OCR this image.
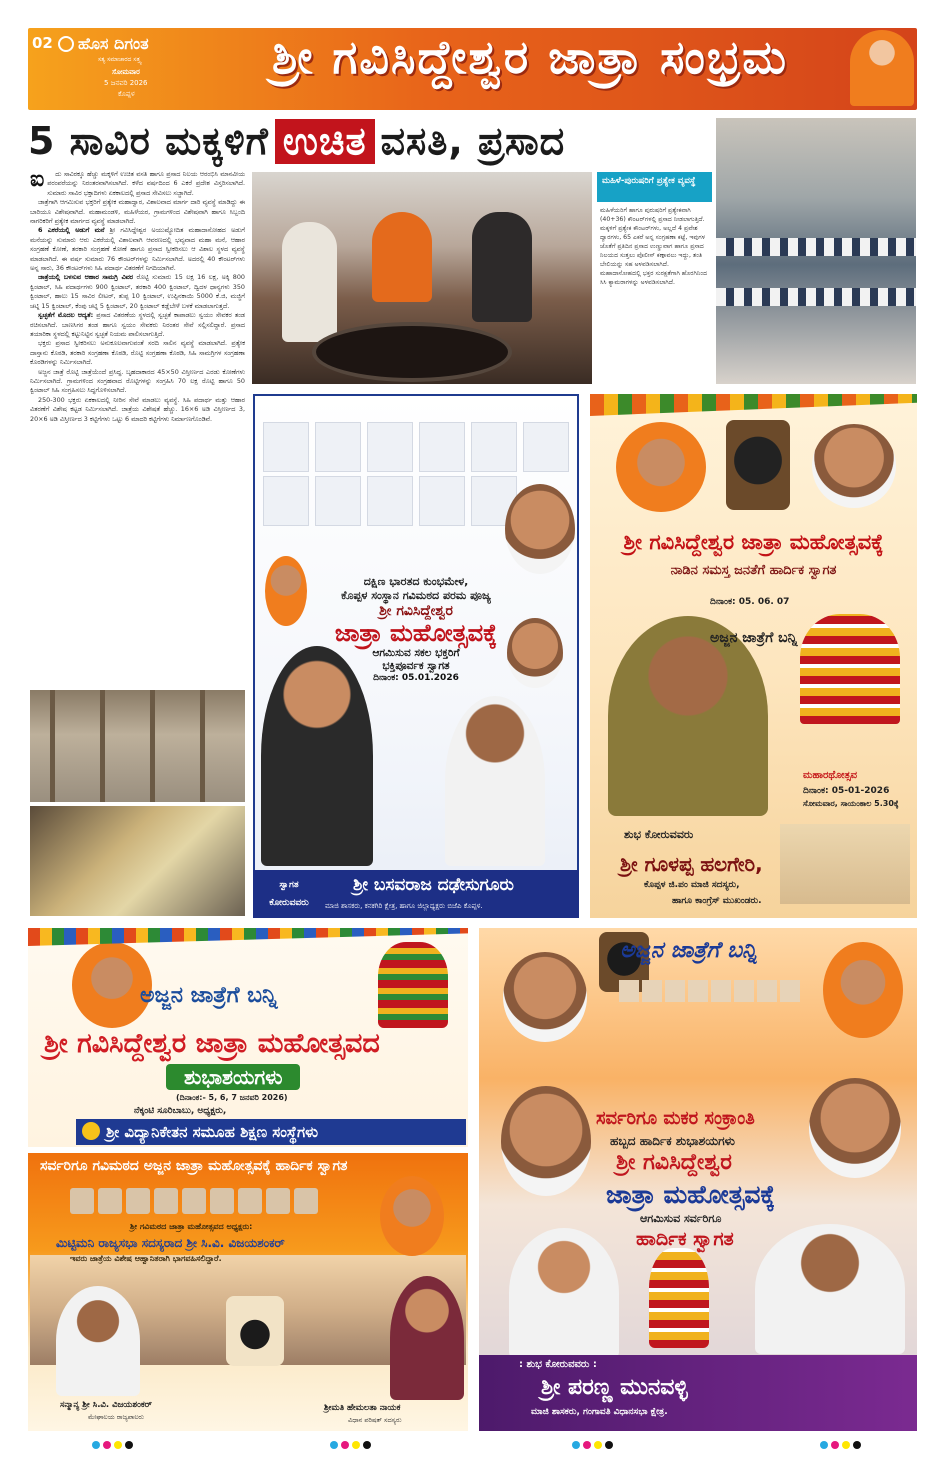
02 ಹೊಸ ದಿಗಂತ
ಸತ್ಯ ಸಮಾಚಾರದ ಸತ್ತ್ವ
ಸೋಮವಾರ
5 ಜನವರಿ 2026
ಕೊಪ್ಪಳ
ಶ್ರೀ ಗವಿಸಿದ್ದೇಶ್ವರ ಜಾತ್ರಾ ಸಂಭ್ರಮ
5 ಸಾವಿರ ಮಕ್ಕಳಿಗೆ ಉಚಿತ ವಸತಿ, ಪ್ರಸಾದ
ಐ	ದು ಸಾವಿರಕ್ಕೂ ಹೆಚ್ಚು ಮಕ್ಕಳಿಗೆ ಉಚಿತ ವಸತಿ ಹಾಗೂ ಪ್ರಸಾದ ನಿಲಯ ಆರಂಭಿಸಿ ಮಾನವೀಯ ಪರಂಪರೆಯನ್ನು ನಿರಂತರವಾಗಿಸಲಾಗಿದೆ. ಕಳೆದ ವರ್ಷದಿಂದ 6 ಎಕರೆ ಪ್ರದೇಶ ವಿಸ್ತರಿಸಲಾಗಿದೆ. ಸುಮಾರು ಸಾವಿರ ಭಕ್ತಾದಿಗಳು ಏಕಕಾಲದಲ್ಲಿ ಪ್ರಸಾದ ಸೇವಿಸಲು ಸಜ್ಜಾಗಿದೆ.

ಜಾತ್ರೆಗಾಗಿ ಆಗಮಿಸುವ ಭಕ್ತರಿಗೆ ಪ್ರತ್ಯೇಕ ಮಹಾದ್ವಾರ, ವಿಶಾಲವಾದ ಮಾರ್ಗ ದಾರಿ ವ್ಯವಸ್ಥೆ ಮಾಡಿದ್ದು ಈ ಬಾರಿಯೂ ವಿಶೇಷವಾಗಿದೆ. ಮಹಾಮಂಡಳಿ, ಮಹಿಳೆಯರ, ಗ್ರಾಮಗಳಿಂದ ವಿಶೇಷವಾಗಿ ಹಾಗೂ ಸಿಬ್ಬಂದಿ ನಾಗರಿಕರಿಗೆ ಪ್ರತ್ಯೇಕ ಮಾರ್ಗದ ವ್ಯವಸ್ಥೆ ಮಾಡಲಾಗಿದೆ.

6 ಎಕರೆಯಲ್ಲಿ ಅಡುಗೆ ಮನೆ ಶ್ರೀ ಗವಿಸಿದ್ದೇಶ್ವರ ಅಯುಷ್ಯೋದಿತ ಮಹಾದಾಸೋಹದ ಅಡುಗೆ ಮನೆಯನ್ನು ಸುಮಾರು ಆರು ಎಕರೆಯಲ್ಲಿ ವಿಶಾಲವಾಗಿ ಆವರಣದಲ್ಲಿ ಭವ್ಯವಾದ ಮಹಾ ಮನೆ, ಆಹಾರ ಸಂಗ್ರಹಣೆ ಕೋಣೆ, ತರಕಾರಿ ಸಂಗ್ರಹಣೆ ಕೋಣೆ ಹಾಗೂ ಪ್ರಸಾದ ಸ್ವೀಕರಿಸಲು ಆ ವಿಶಾಲ ಸ್ಥಳದ ವ್ಯವಸ್ಥೆ ಮಾಡಲಾಗಿದೆ. ಈ ವರ್ಷ ಸುಮಾರು 76 ಕೌಂಟರ್‌ಗಳನ್ನು ನಿರ್ಮಿಸಲಾಗಿದೆ. ಅದರಲ್ಲಿ 40 ಕೌಂಟರ್‌ಗಳು ಅನ್ನ ಸಾರು, 36 ಕೌಂಟರ್‌ಗಳು ಸಿಹಿ ಪದಾರ್ಥ ವಿತರಣೆಗೆ ನಿಗದಿಯಾಗಿವೆ.

ಜಾತ್ರೆಯಲ್ಲಿ ಬಳಸುವ ಆಹಾರ ಸಾಮಗ್ರಿ ವಿವರ ರೊಟ್ಟಿ ಸುಮಾರು 15 ಲಕ್ಷ 16 ಲಕ್ಷ, ಅಕ್ಕಿ 800 ಕ್ವಿಂಟಾಲ್, ಸಿಹಿ ಪದಾರ್ಥಗಳು 900 ಕ್ವಿಂಟಾಲ್, ತರಕಾರಿ 400 ಕ್ವಿಂಟಾಲ್, ದ್ವಿದಳ ಧಾನ್ಯಗಳು 350 ಕ್ವಿಂಟಾಲ್, ಹಾಲು 15 ಸಾವಿರ ಲೀಟರ್, ತುಪ್ಪ 10 ಕ್ವಿಂಟಾಲ್, ಉಪ್ಪಿನಕಾಯಿ 5000 ಕೆ.ಜಿ, ಮಜ್ಜಿಗೆ ಚಟ್ನಿ 15 ಕ್ವಿಂಟಾಲ್, ಕೆಂಪು ಚಟ್ನಿ 5 ಕ್ವಿಂಟಾಲ್, 20 ಕ್ವಿಂಟಾಲ್ ಕಡ್ಲೆಬೇಳೆ ಬಳಕೆ ಮಾಡಲಾಗುತ್ತದೆ.

ಸ್ವಚ್ಛತೆಗೆ ಮೊದಲ ಆದ್ಯತೆ: ಪ್ರಸಾದ ವಿತರಣೆಯ ಸ್ಥಳದಲ್ಲಿ ಸ್ವಚ್ಛತೆ ಕಾಪಾಡಲು ಸ್ವಯಂ ಸೇವಕರ ತಂಡ ರಚಿಸಲಾಗಿದೆ. ಬಾಣಸಿಗರ ತಂಡ ಹಾಗೂ ಸ್ವಯಂ ಸೇವಕರು ನಿರಂತರ ಸೇವೆ ಸಲ್ಲಿಸಲಿದ್ದಾರೆ. ಪ್ರಸಾದ ತಯಾರಿಕಾ ಸ್ಥಳದಲ್ಲಿ ಕಟ್ಟುನಿಟ್ಟಿನ ಸ್ವಚ್ಛತೆ ನಿಯಮ ಪಾಲಿಸಲಾಗುತ್ತಿದೆ.

ಭಕ್ತರು ಪ್ರಸಾದ ಸ್ವೀಕರಿಸಲು ಅನುಕೂಲವಾಗುವಂತೆ ಸರದಿ ಸಾಲಿನ ವ್ಯವಸ್ಥೆ ಮಾಡಲಾಗಿದೆ. ಪ್ರತ್ಯೇಕ ದಾಸ್ತಾನು ಕೊಠಡಿ, ತರಕಾರಿ ಸಂಗ್ರಹಣಾ ಕೊಠಡಿ, ರೊಟ್ಟಿ ಸಂಗ್ರಹಣಾ ಕೊಠಡಿ, ಸಿಹಿ ಸಾಮಗ್ರಿಗಳ ಸಂಗ್ರಹಣಾ ಕೊಠಡಿಗಳನ್ನು ನಿರ್ಮಿಸಲಾಗಿದೆ.

ಅಜ್ಜನ ಜಾತ್ರೆ ರೊಟ್ಟಿ ಜಾತ್ರೆಯೆಂದೆ ಪ್ರಸಿದ್ಧ. ಬೃಹದಾಕಾರದ 45×50 ವಿಸ್ತೀರ್ಣದ ಎರಡು ಕೋಣೆಗಳು ನಿರ್ಮಿಸಲಾಗಿದೆ. ಗ್ರಾಮಗಳಿಂದ ಸಂಗ್ರಹವಾದ ರೊಟ್ಟಿಗಳನ್ನು ಸಂಗ್ರಹಿಸಿ 70 ಲಕ್ಷ ರೊಟ್ಟಿ ಹಾಗೂ 50 ಕ್ವಿಂಟಾಲ್ ಸಿಹಿ ಸಂಗ್ರಹಿಸಲು ಸಿದ್ಧಗೊಳಿಸಲಾಗಿದೆ.

250-300 ಭಕ್ತರು ಏಕಕಾಲದಲ್ಲಿ ನೀರಿನ ಸೇವೆ ಮಾಡಲು ವ್ಯವಸ್ಥೆ. ಸಿಹಿ ಪದಾರ್ಥ ಮತ್ತು ಆಹಾರ ವಿತರಣೆಗೆ ವಿಶೇಷ ಕಟ್ಟಡ ನಿರ್ಮಿಸಲಾಗಿದೆ. ಜಾತ್ರೆಯ ವಿಶೇಷತೆ ಹೆಚ್ಚು. 16×6 ಅಡಿ ವಿಸ್ತೀರ್ಣದ 3, 20×6 ಅಡಿ ವಿಸ್ತೀರ್ಣದ 3 ಕಟ್ಟಿಗೆಗಳು ಒಟ್ಟು 6 ಮಾದರಿ ಕಟ್ಟಿಗೆಗಳು ನಿರ್ಮಾಣಗೊಂಡಿವೆ.

ಮಹಿಳೆ-ಪುರುಷರಿಗೆ ಪ್ರತ್ಯೇಕ ವ್ಯವಸ್ಥೆ
ಮಹಿಳೆಯರಿಗೆ ಹಾಗೂ ಪುರುಷರಿಗೆ ಪ್ರತ್ಯೇಕವಾಗಿ (40+36) ಕೌಂಟರ್‌ಗಳಲ್ಲಿ ಪ್ರಸಾದ ನೀಡಲಾಗುತ್ತಿದೆ. ಮಕ್ಕಳಿಗೆ ಪ್ರತ್ಯೇಕ ಕೌಂಟರ್‌ಗಳು, ಅಲ್ಲದೆ 4 ಪ್ರವೇಶ ದ್ವಾರಗಳು, 65 ಎಕರೆ ಅನ್ನ ಸಂಗ್ರಹಣಾ ಕಟ್ಟೆ, ಇವುಗಳ ಜೊತೆಗೆ ಪ್ರತಿದಿನ ಪ್ರಸಾದ ಉಣ್ಣುವಾಗ ಹಾಗೂ ಪ್ರಸಾದ ನಿಲಯದ ಸುತ್ತಲು ಪೊಲೀಸ್ ಕಣ್ಗಾವಲು ಇದ್ದು, ತಂತಿ ಬೇಲಿಯನ್ನು ಸಹ ಅಳವಡಿಸಲಾಗಿದೆ. ಮಹಾದಾಸೋಹದಲ್ಲಿ ಭಕ್ತರ ಸುರಕ್ಷತೆಗಾಗಿ ಹೊರಗಿನಿಂದ ಸಿಸಿ ಕ್ಯಾಮರಾಗಳನ್ನು ಅಳವಡಿಸಲಾಗಿದೆ.
ದಕ್ಷಿಣ ಭಾರತದ ಕುಂಭಮೇಳ,
ಕೊಪ್ಪಳ ಸಂಸ್ಥಾನ ಗವಿಮಠದ ಪರಮ ಪೂಜ್ಯ
ಶ್ರೀ ಗವಿಸಿದ್ದೇಶ್ವರ
ಜಾತ್ರಾ ಮಹೋತ್ಸವಕ್ಕೆ
ಆಗಮಿಸುವ ಸಕಲ ಭಕ್ತರಿಗೆ
ಭಕ್ತಿಪೂರ್ವಕ ಸ್ವಾಗತ
ದಿನಾಂಕ: 05.01.2026
ಸ್ವಾಗತ ಕೋರುವವರು
ಶ್ರೀ ಬಸವರಾಜ ದಢೇಸುಗೂರು
ಮಾಜಿ ಶಾಸಕರು, ಕನಕಗಿರಿ ಕ್ಷೇತ್ರ, ಹಾಗೂ ಜಿಲ್ಲಾಧ್ಯಕ್ಷರು ಬಿಜೆಪಿ ಕೊಪ್ಪಳ.
ಶ್ರೀ ಗವಿಸಿದ್ದೇಶ್ವರ ಜಾತ್ರಾ ಮಹೋತ್ಸವಕ್ಕೆ
ನಾಡಿನ ಸಮಸ್ತ ಜನತೆಗೆ ಹಾರ್ದಿಕ ಸ್ವಾಗತ
ದಿನಾಂಕ: 05. 06. 07
ಅಜ್ಜನ ಜಾತ್ರೆಗೆ ಬನ್ನಿ
ಮಹಾರಥೋತ್ಸವ
ದಿನಾಂಕ: 05-01-2026
ಸೋಮವಾರ, ಸಾಯಂಕಾಲ 5.30ಕ್ಕೆ
ಶುಭ ಕೋರುವವರು
ಶ್ರೀ ಗೂಳಪ್ಪ ಹಲಗೇರಿ,
ಕೊಪ್ಪಳ ಜಿ.ಪಂ ಮಾಜಿ ಸದಸ್ಯರು,
ಹಾಗೂ ಕಾಂಗ್ರೆಸ್ ಮುಖಂಡರು.
ಅಜ್ಜನ ಜಾತ್ರೆಗೆ ಬನ್ನಿ
ಶ್ರೀ ಗವಿಸಿದ್ದೇಶ್ವರ ಜಾತ್ರಾ ಮಹೋತ್ಸವದ
ಶುಭಾಶಯಗಳು
(ದಿನಾಂಕ:- 5, 6, 7 ಜನವರಿ 2026)
ನೆಕ್ಕಂಟಿ ಸೂರಿಬಾಬು, ಅಧ್ಯಕ್ಷರು,
ಶ್ರೀ ವಿದ್ಯಾನಿಕೇತನ ಸಮೂಹ ಶಿಕ್ಷಣ ಸಂಸ್ಥೆಗಳು
ಸರ್ವರಿಗೂ ಗವಿಮಠದ ಅಜ್ಜನ ಜಾತ್ರಾ ಮಹೋತ್ಸವಕ್ಕೆ ಹಾರ್ದಿಕ ಸ್ವಾಗತ
ಶ್ರೀ ಗವಿಮಠದ ಜಾತ್ರಾ ಮಹೋತ್ಸವದ ಅಧ್ಯಕ್ಷರು:
ಮಿಟ್ಟಿಮನಿ ರಾಜ್ಯಸಭಾ ಸದಸ್ಯರಾದ ಶ್ರೀ ಸಿ.ವಿ. ವಿಜಯಶಂಕರ್
ಇವರು ಜಾತ್ರೆಯ ವಿಶೇಷ ಆಹ್ವಾನಿತರಾಗಿ ಭಾಗವಹಿಸಲಿದ್ದಾರೆ.
ಸನ್ಮಾನ್ಯ ಶ್ರೀ ಸಿ.ವಿ. ವಿಜಯಶಂಕರ್
ಮೇಘಾಲಯ ರಾಜ್ಯಪಾಲರು
ಶ್ರೀಮತಿ ಹೇಮಲತಾ ನಾಯಕ
ವಿಧಾನ ಪರಿಷತ್ ಸದಸ್ಯರು
ಅಜ್ಜನ ಜಾತ್ರೆಗೆ ಬನ್ನಿ
ಸರ್ವರಿಗೂ ಮಕರ ಸಂಕ್ರಾಂತಿ
ಹಬ್ಬದ ಹಾರ್ದಿಕ ಶುಭಾಶಯಗಳು
ಶ್ರೀ ಗವಿಸಿದ್ದೇಶ್ವರ
ಜಾತ್ರಾ ಮಹೋತ್ಸವಕ್ಕೆ
ಆಗಮಿಸುವ ಸರ್ವರಿಗೂ
ಹಾರ್ದಿಕ ಸ್ವಾಗತ
: ಶುಭ ಕೋರುವವರು :
ಶ್ರೀ ಪರಣ್ಣ ಮುನವಳ್ಳಿ
ಮಾಜಿ ಶಾಸಕರು, ಗಂಗಾವತಿ ವಿಧಾನಸಭಾ ಕ್ಷೇತ್ರ.
